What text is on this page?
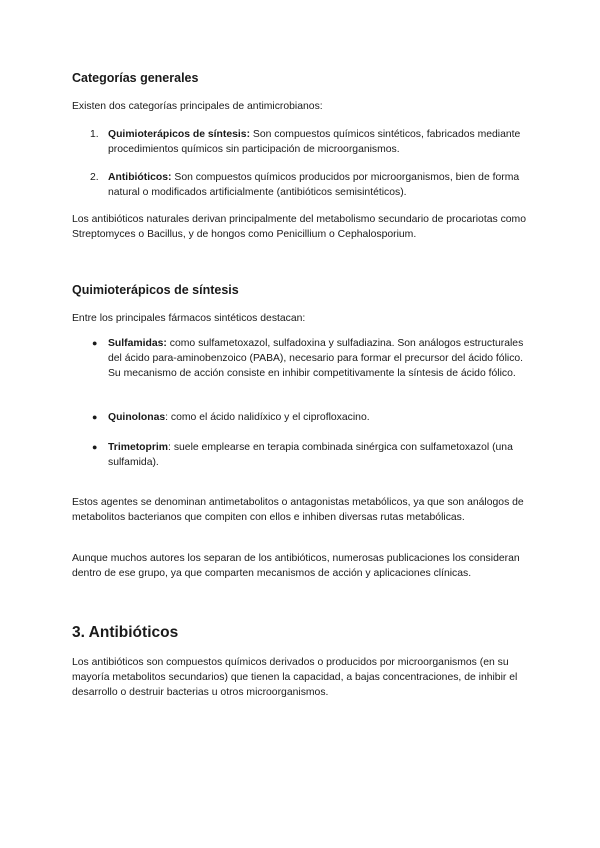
Categorías generales

Existen dos categorías principales de antimicrobianos:

1. Quimioterápicos de síntesis: Son compuestos químicos sintéticos, fabricados mediante procedimientos químicos sin participación de microorganismos.
2. Antibióticos: Son compuestos químicos producidos por microorganismos, bien de forma natural o modificados artificialmente (antibióticos semisintéticos).

Los antibióticos naturales derivan principalmente del metabolismo secundario de procariotas como Streptomyces o Bacillus, y de hongos como Penicillium o Cephalosporium.

Quimioterápicos de síntesis

Entre los principales fármacos sintéticos destacan:

● Sulfamidas: como sulfametoxazol, sulfadoxina y sulfadiazina. Son análogos estructurales del ácido para-aminobenzoico (PABA), necesario para formar el precursor del ácido fólico. Su mecanismo de acción consiste en inhibir competitivamente la síntesis de ácido fólico.
● Quinolonas: como el ácido nalidíxico y el ciprofloxacino.
● Trimetoprim: suele emplearse en terapia combinada sinérgica con sulfametoxazol (una sulfamida).

Estos agentes se denominan antimetabolitos o antagonistas metabólicos, ya que son análogos de metabolitos bacterianos que compiten con ellos e inhiben diversas rutas metabólicas.

Aunque muchos autores los separan de los antibióticos, numerosas publicaciones los consideran dentro de ese grupo, ya que comparten mecanismos de acción y aplicaciones clínicas.

3. Antibióticos

Los antibióticos son compuestos químicos derivados o producidos por microorganismos (en su mayoría metabolitos secundarios) que tienen la capacidad, a bajas concentraciones, de inhibir el desarrollo o destruir bacterias u otros microorganismos.
